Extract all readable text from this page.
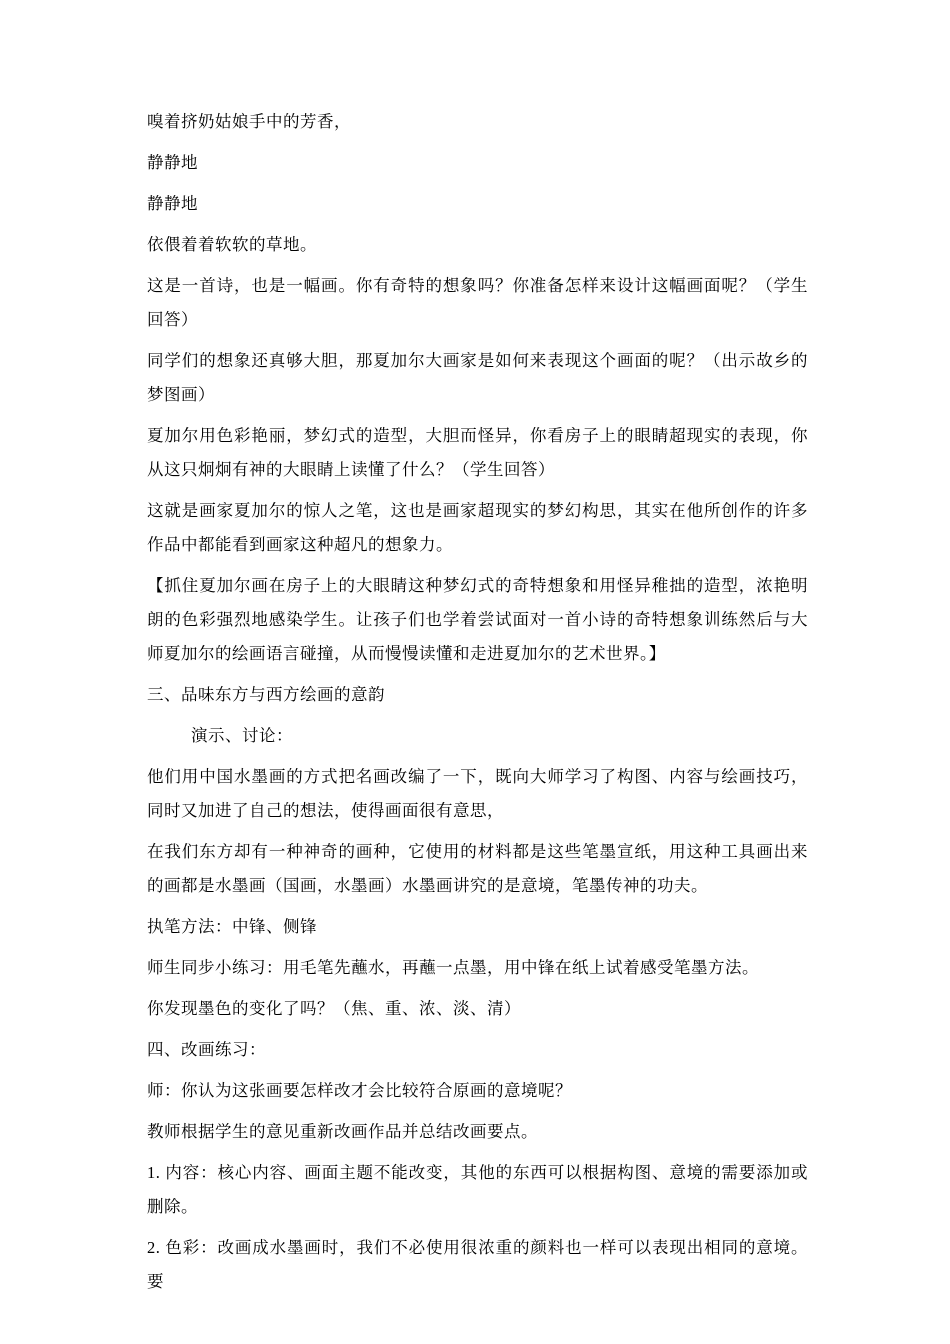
嗅着挤奶姑娘手中的芳香，

静静地

静静地

依偎着着软软的草地。

这是一首诗，也是一幅画。你有奇特的想象吗？你准备怎样来设计这幅画面呢？（学生回答）

同学们的想象还真够大胆，那夏加尔大画家是如何来表现这个画面的呢？（出示故乡的梦图画）

夏加尔用色彩艳丽，梦幻式的造型，大胆而怪异，你看房子上的眼睛超现实的表现，你从这只炯炯有神的大眼睛上读懂了什么？（学生回答）

这就是画家夏加尔的惊人之笔，这也是画家超现实的梦幻构思，其实在他所创作的许多作品中都能看到画家这种超凡的想象力。

【抓住夏加尔画在房子上的大眼睛这种梦幻式的奇特想象和用怪异稚拙的造型，浓艳明朗的色彩强烈地感染学生。让孩子们也学着尝试面对一首小诗的奇特想象训练然后与大师夏加尔的绘画语言碰撞，从而慢慢读懂和走进夏加尔的艺术世界。】

三、品味东方与西方绘画的意韵

演示、讨论：

他们用中国水墨画的方式把名画改编了一下，既向大师学习了构图、内容与绘画技巧，同时又加进了自己的想法，使得画面很有意思，

在我们东方却有一种神奇的画种，它使用的材料都是这些笔墨宣纸，用这种工具画出来的画都是水墨画（国画，水墨画）水墨画讲究的是意境，笔墨传神的功夫。

执笔方法：中锋、侧锋

师生同步小练习：用毛笔先蘸水，再蘸一点墨，用中锋在纸上试着感受笔墨方法。

你发现墨色的变化了吗？（焦、重、浓、淡、清）

四、改画练习：

师：你认为这张画要怎样改才会比较符合原画的意境呢？

教师根据学生的意见重新改画作品并总结改画要点。

1. 内容：核心内容、画面主题不能改变，其他的东西可以根据构图、意境的需要添加或删除。

2. 色彩：改画成水墨画时，我们不必使用很浓重的颜料也一样可以表现出相同的意境。要
